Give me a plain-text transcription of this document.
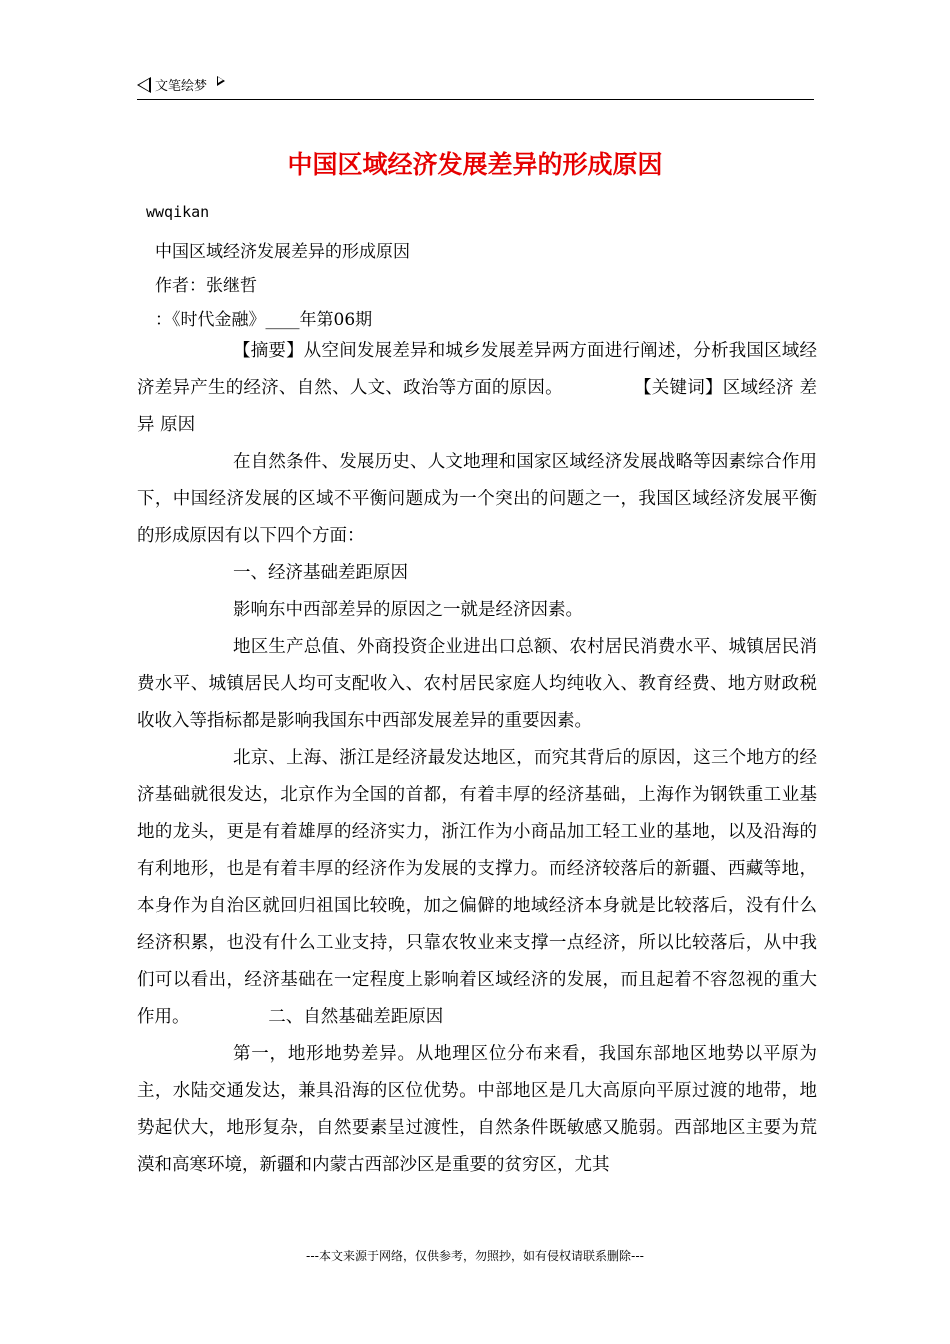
文笔绘梦
中国区域经济发展差异的形成原因
wwqikan
中国区域经济发展差异的形成原因
作者：张继哲
：《时代金融》____年第06期

【摘要】从空间发展差异和城乡发展差异两方面进行阐述，分析我国区域经济差异产生的经济、自然、人文、政治等方面的原因。　　　　　【关键词】区域经济 差异 原因

在自然条件、发展历史、人文地理和国家区域经济发展战略等因素综合作用下，中国经济发展的区域不平衡问题成为一个突出的问题之一，我国区域经济发展平衡的形成原因有以下四个方面：

一、经济基础差距原因

影响东中西部差异的原因之一就是经济因素。

地区生产总值、外商投资企业进出口总额、农村居民消费水平、城镇居民消费水平、城镇居民人均可支配收入、农村居民家庭人均纯收入、教育经费、地方财政税收收入等指标都是影响我国东中西部发展差异的重要因素。

北京、上海、浙江是经济最发达地区，而究其背后的原因，这三个地方的经济基础就很发达，北京作为全国的首都，有着丰厚的经济基础，上海作为钢铁重工业基地的龙头，更是有着雄厚的经济实力，浙江作为小商品加工轻工业的基地，以及沿海的有利地形，也是有着丰厚的经济作为发展的支撑力。而经济较落后的新疆、西藏等地，本身作为自治区就回归祖国比较晚，加之偏僻的地域经济本身就是比较落后，没有什么经济积累，也没有什么工业支持，只靠农牧业来支撑一点经济，所以比较落后，从中我们可以看出，经济基础在一定程度上影响着区域经济的发展，而且起着不容忽视的重大作用。　　　　　二、自然基础差距原因

第一，地形地势差异。从地理区位分布来看，我国东部地区地势以平原为主，水陆交通发达，兼具沿海的区位优势。中部地区是几大高原向平原过渡的地带，地势起伏大，地形复杂，自然要素呈过渡性，自然条件既敏感又脆弱。西部地区主要为荒漠和高寒环境，新疆和内蒙古西部沙区是重要的贫穷区，尤其

---本文来源于网络，仅供参考，勿照抄，如有侵权请联系删除---
